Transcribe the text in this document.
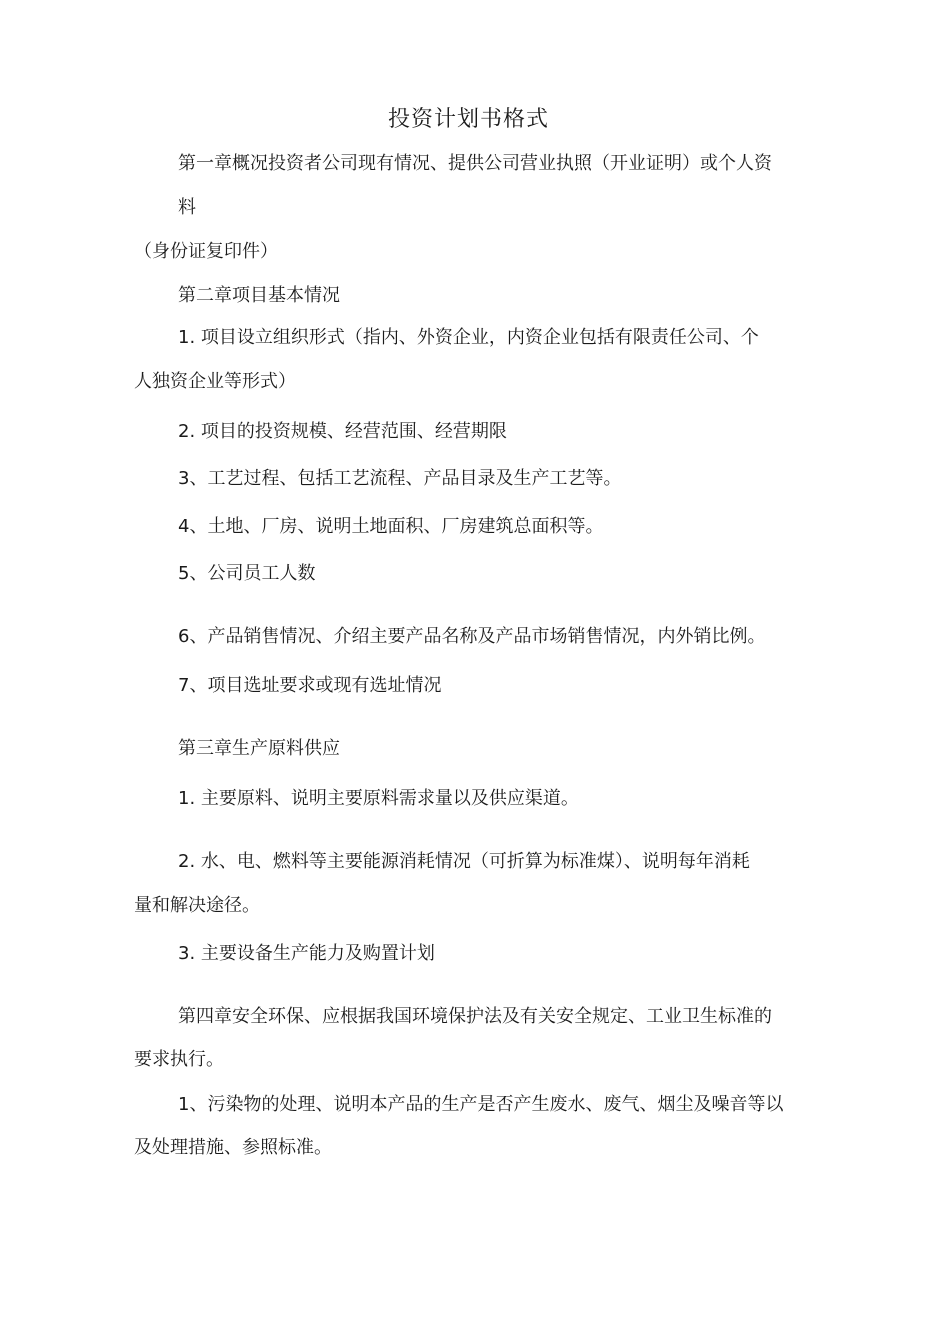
投资计划书格式
第一章概况投资者公司现有情况、提供公司营业执照（开业证明）或个人资
料
（身份证复印件）
第二章项目基本情况
1. 项目设立组织形式（指内、外资企业，内资企业包括有限责任公司、个
人独资企业等形式）
2. 项目的投资规模、经营范围、经营期限
3、工艺过程、包括工艺流程、产品目录及生产工艺等。
4、土地、厂房、说明土地面积、厂房建筑总面积等。
5、公司员工人数
6、产品销售情况、介绍主要产品名称及产品市场销售情况，内外销比例。
7、项目选址要求或现有选址情况
第三章生产原料供应
1. 主要原料、说明主要原料需求量以及供应渠道。
2. 水、电、燃料等主要能源消耗情况（可折算为标准煤）、说明每年消耗
量和解决途径。
3. 主要设备生产能力及购置计划
第四章安全环保、应根据我国环境保护法及有关安全规定、工业卫生标准的
要求执行。
1、污染物的处理、说明本产品的生产是否产生废水、废气、烟尘及噪音等以
及处理措施、参照标准。
